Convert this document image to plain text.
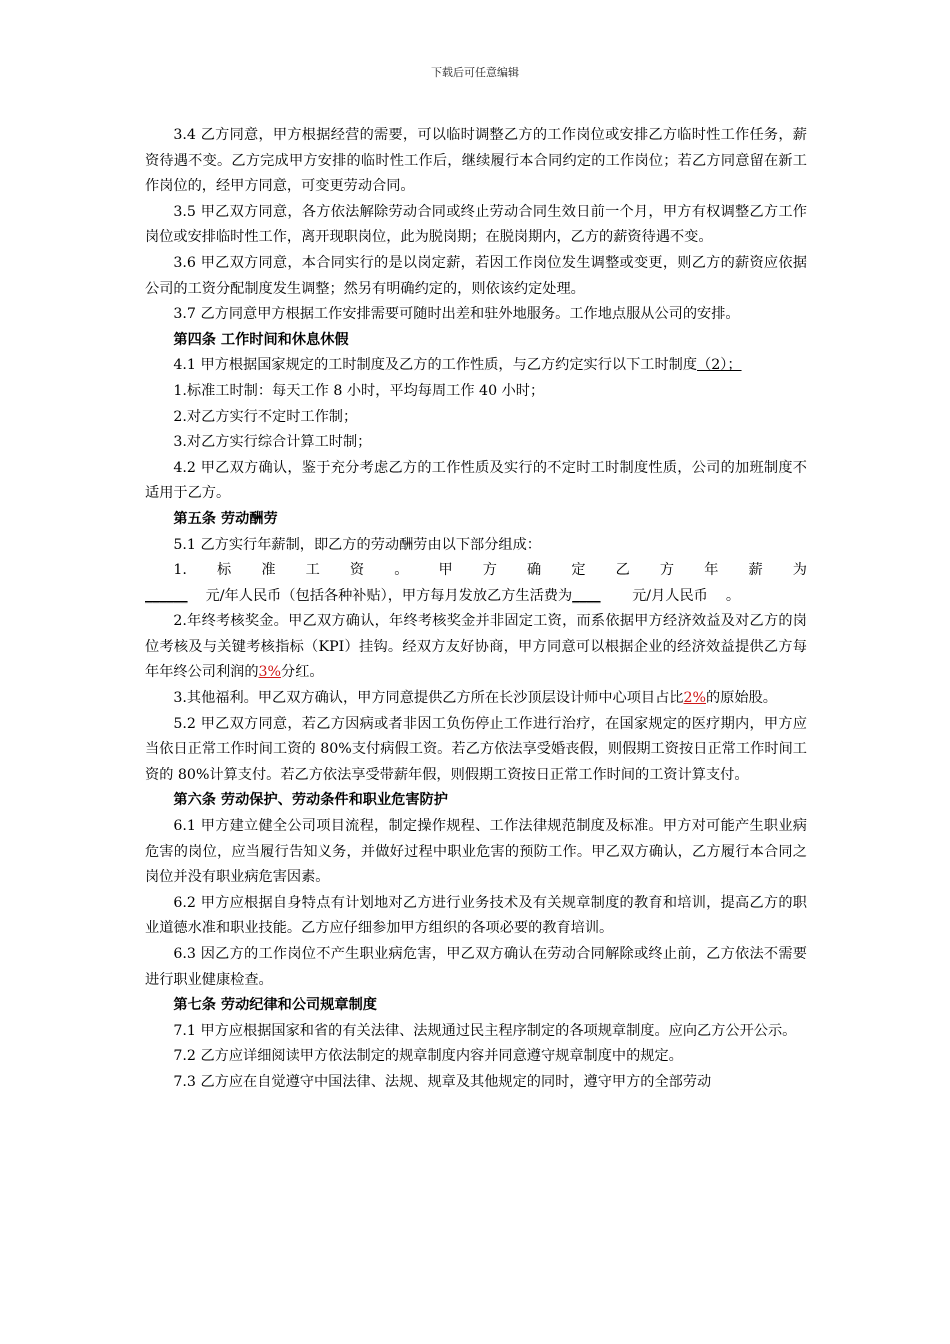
下载后可任意编辑

3.4 乙方同意，甲方根据经营的需要，可以临时调整乙方的工作岗位或安排乙方临时性工作任务，薪资待遇不变。乙方完成甲方安排的临时性工作后，继续履行本合同约定的工作岗位；若乙方同意留在新工作岗位的，经甲方同意，可变更劳动合同。

3.5 甲乙双方同意，各方依法解除劳动合同或终止劳动合同生效日前一个月，甲方有权调整乙方工作岗位或安排临时性工作，离开现职岗位，此为脱岗期；在脱岗期内，乙方的薪资待遇不变。

3.6 甲乙双方同意，本合同实行的是以岗定薪，若因工作岗位发生调整或变更，则乙方的薪资应依据公司的工资分配制度发生调整；然另有明确约定的，则依该约定处理。

3.7 乙方同意甲方根据工作安排需要可随时出差和驻外地服务。工作地点服从公司的安排。

第四条 工作时间和休息休假

4.1 甲方根据国家规定的工时制度及乙方的工作性质，与乙方约定实行以下工时制度（2）；

1.标准工时制：每天工作 8 小时，平均每周工作 40 小时；

2.对乙方实行不定时工作制；

3.对乙方实行综合计算工时制；

4.2 甲乙双方确认，鉴于充分考虑乙方的工作性质及实行的不定时工时制度性质，公司的加班制度不适用于乙方。

第五条 劳动酬劳

5.1 乙方实行年薪制，即乙方的劳动酬劳由以下部分组成：

1.标准工资。甲方确定乙方年薪为______    元/年人民币（包括各种补贴），甲方每月发放乙方生活费为____       元/月人民币    。

2.年终考核奖金。甲乙双方确认，年终考核奖金并非固定工资，而系依据甲方经济效益及对乙方的岗位考核及与关键考核指标（KPI）挂钩。经双方友好协商，甲方同意可以根据企业的经济效益提供乙方每年年终公司利润的3%分红。

3.其他福利。甲乙双方确认，甲方同意提供乙方所在长沙顶层设计师中心项目占比2%的原始股。

5.2 甲乙双方同意，若乙方因病或者非因工负伤停止工作进行治疗，在国家规定的医疗期内，甲方应当依日正常工作时间工资的 80%支付病假工资。若乙方依法享受婚丧假，则假期工资按日正常工作时间工资的 80%计算支付。若乙方依法享受带薪年假，则假期工资按日正常工作时间的工资计算支付。

第六条 劳动保护、劳动条件和职业危害防护

6.1 甲方建立健全公司项目流程，制定操作规程、工作法律规范制度及标准。甲方对可能产生职业病危害的岗位，应当履行告知义务，并做好过程中职业危害的预防工作。甲乙双方确认，乙方履行本合同之岗位并没有职业病危害因素。

6.2 甲方应根据自身特点有计划地对乙方进行业务技术及有关规章制度的教育和培训，提高乙方的职业道德水准和职业技能。乙方应仔细参加甲方组织的各项必要的教育培训。

6.3 因乙方的工作岗位不产生职业病危害，甲乙双方确认在劳动合同解除或终止前，乙方依法不需要进行职业健康检查。

第七条 劳动纪律和公司规章制度

7.1 甲方应根据国家和省的有关法律、法规通过民主程序制定的各项规章制度。应向乙方公开公示。

7.2 乙方应详细阅读甲方依法制定的规章制度内容并同意遵守规章制度中的规定。

7.3 乙方应在自觉遵守中国法律、法规、规章及其他规定的同时，遵守甲方的全部劳动
